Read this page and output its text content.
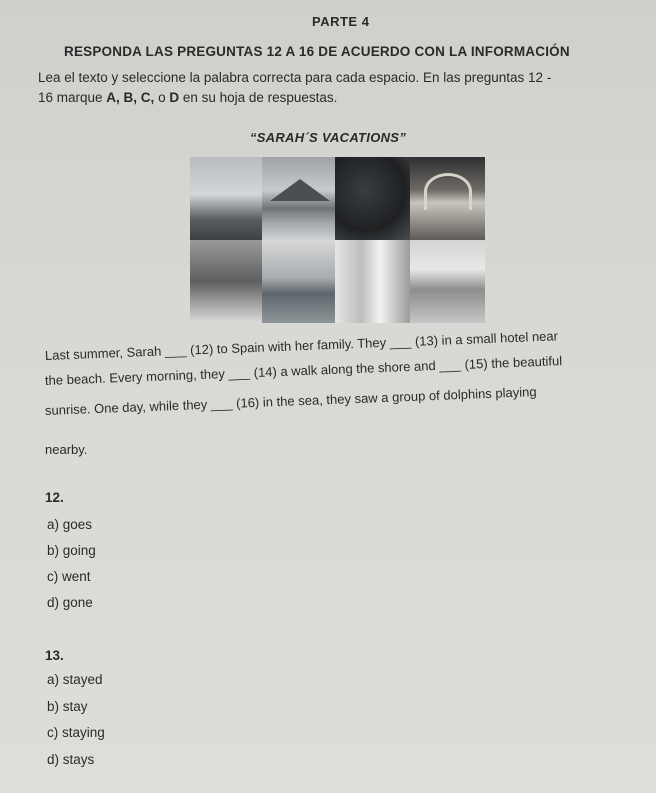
PARTE 4
RESPONDA LAS PREGUNTAS 12 A 16 DE ACUERDO CON LA INFORMACIÓN
Lea el texto y seleccione la palabra correcta para cada espacio. En las preguntas 12 -
16 marque A, B, C, o D en su hoja de respuestas.
“SARAH´S VACATIONS”
Last summer, Sarah ___ (12) to Spain with her family. They ___ (13) in a small hotel near
the beach. Every morning, they ___ (14) a walk along the shore and ___ (15) the beautiful
sunrise. One day, while they ___ (16) in the sea, they saw a group of dolphins playing
nearby.
12.
a) goes
b) going
c) went
d) gone
13.
a) stayed
b) stay
c) staying
d) stays
